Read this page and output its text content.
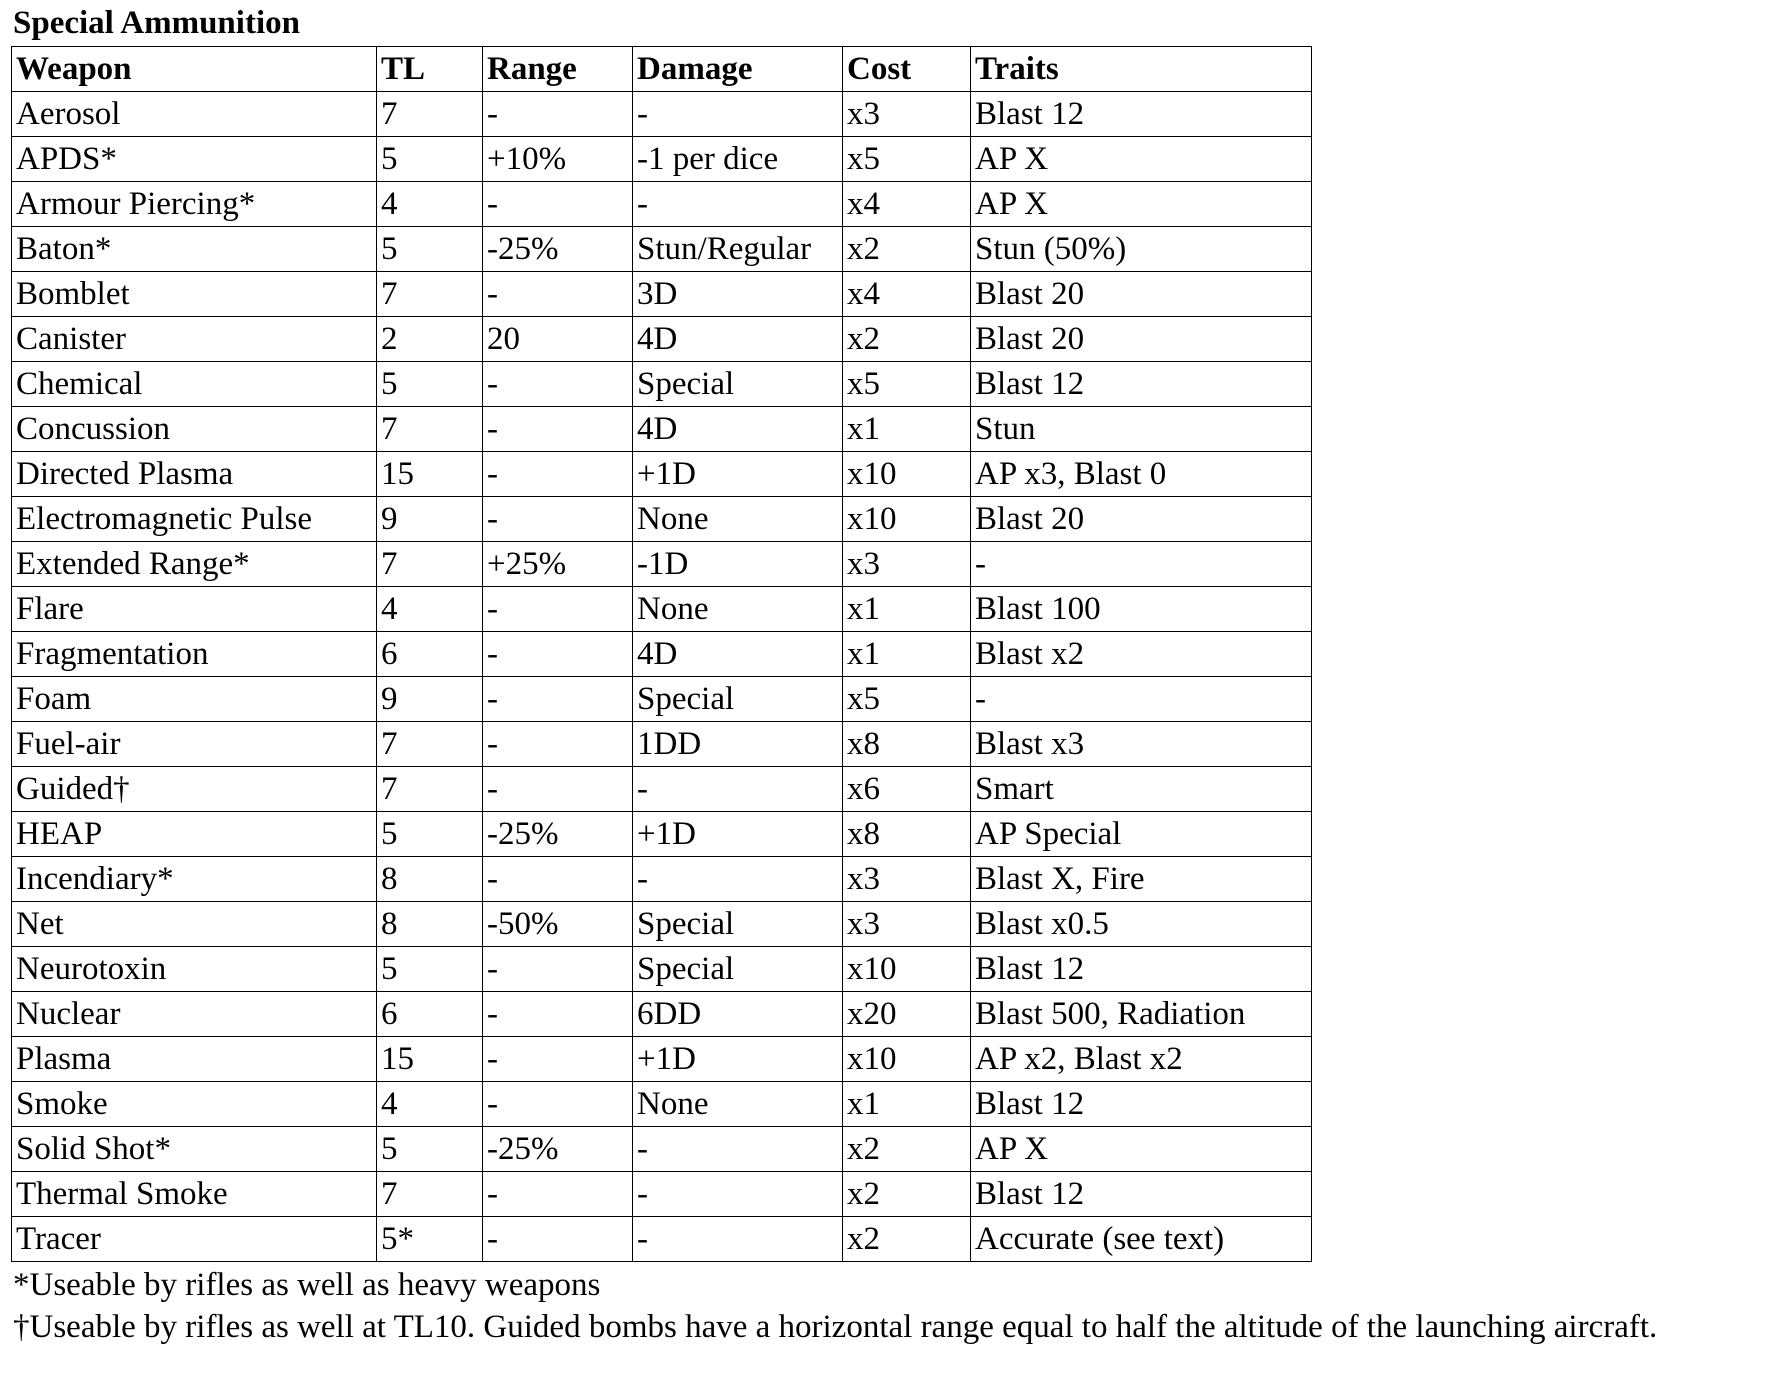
Special Ammunition
Weapon	TL	Range	Damage	Cost	Traits
Aerosol	7	-	-	x3	Blast 12
APDS*	5	+10%	-1 per dice	x5	AP X
Armour Piercing*	4	-	-	x4	AP X
Baton*	5	-25%	Stun/Regular	x2	Stun (50%)
Bomblet	7	-	3D	x4	Blast 20
Canister	2	20	4D	x2	Blast 20
Chemical	5	-	Special	x5	Blast 12
Concussion	7	-	4D	x1	Stun
Directed Plasma	15	-	+1D	x10	AP x3, Blast 0
Electromagnetic Pulse	9	-	None	x10	Blast 20
Extended Range*	7	+25%	-1D	x3	-
Flare	4	-	None	x1	Blast 100
Fragmentation	6	-	4D	x1	Blast x2
Foam	9	-	Special	x5	-
Fuel-air	7	-	1DD	x8	Blast x3
Guided†	7	-	-	x6	Smart
HEAP	5	-25%	+1D	x8	AP Special
Incendiary*	8	-	-	x3	Blast X, Fire
Net	8	-50%	Special	x3	Blast x0.5
Neurotoxin	5	-	Special	x10	Blast 12
Nuclear	6	-	6DD	x20	Blast 500, Radiation
Plasma	15	-	+1D	x10	AP x2, Blast x2
Smoke	4	-	None	x1	Blast 12
Solid Shot*	5	-25%	-	x2	AP X
Thermal Smoke	7	-	-	x2	Blast 12
Tracer	5*	-	-	x2	Accurate (see text)

*Useable by rifles as well as heavy weapons

†Useable by rifles as well at TL10. Guided bombs have a horizontal range equal to half the altitude of the launching aircraft.
